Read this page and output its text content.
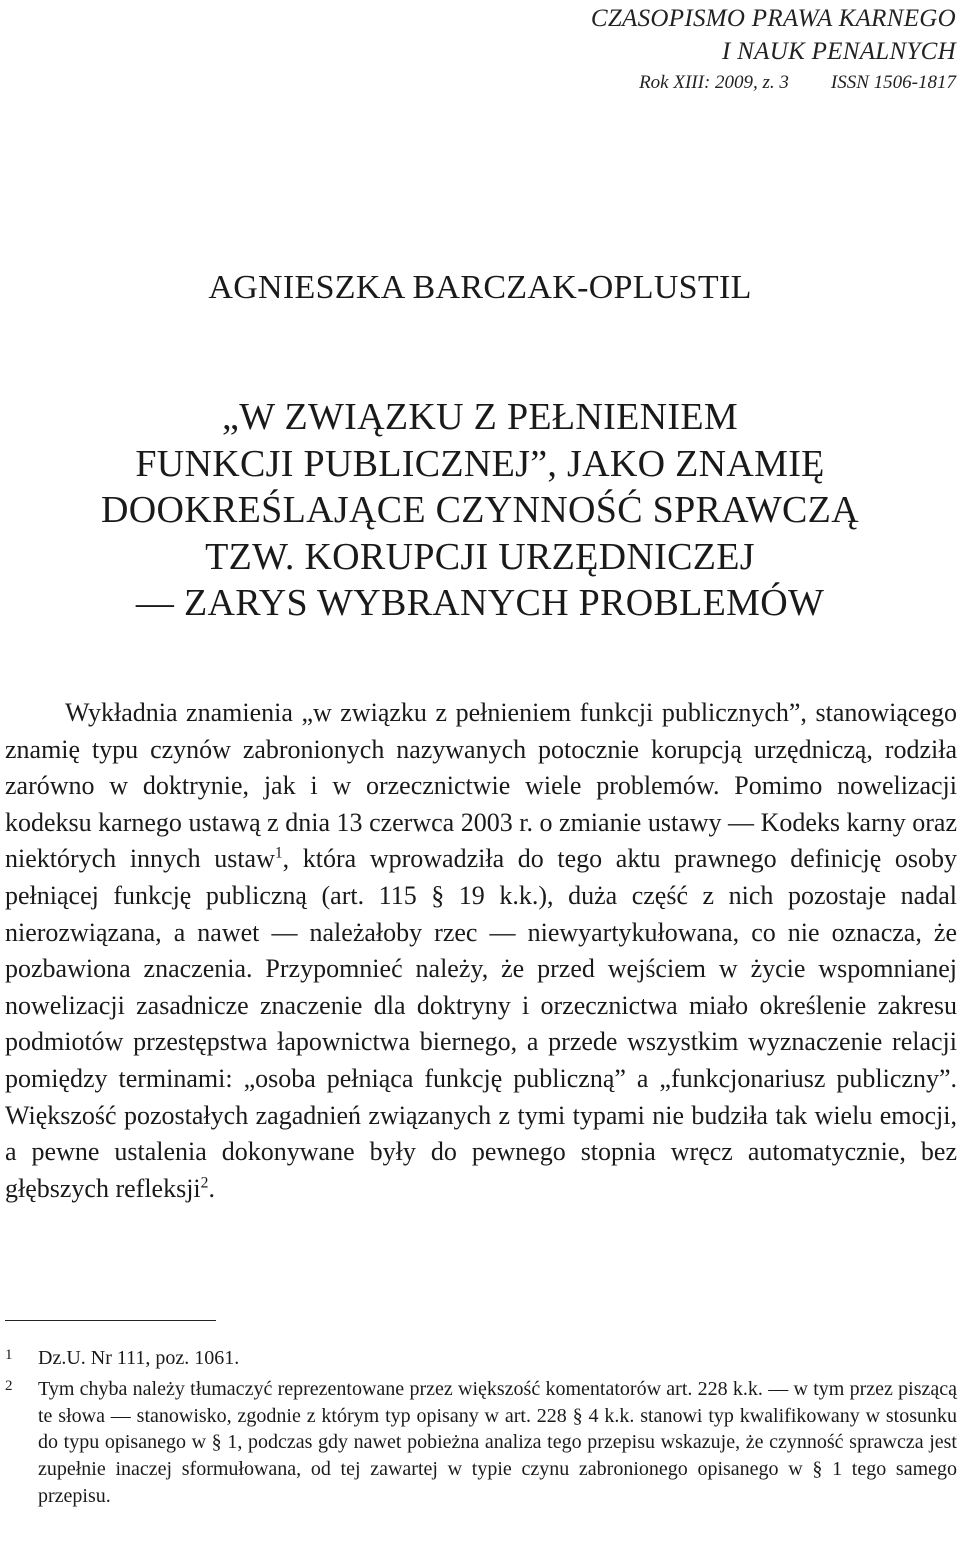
CZASOPISMO PRAWA KARNEGO
I NAUK PENALNYCH
Rok XIII: 2009, z. 3 ISSN 1506-1817
AGNIESZKA BARCZAK-OPLUSTIL
„W ZWIĄZKU Z PEŁNIENIEM
FUNKCJI PUBLICZNEJ”, JAKO ZNAMIĘ
DOOKREŚLAJĄCE CZYNNOŚĆ SPRAWCZĄ
TZW. KORUPCJI URZĘDNICZEJ
— ZARYS WYBRANYCH PROBLEMÓW

Wykładnia znamienia „w związku z pełnieniem funkcji publicznych”, stanowiącego znamię typu czynów zabronionych nazywanych potocznie korupcją urzędniczą, rodziła zarówno w doktrynie, jak i w orzecznictwie wiele problemów. Pomimo nowelizacji kodeksu karnego ustawą z dnia 13 czerwca 2003 r. o zmianie ustawy — Kodeks karny oraz niektórych innych ustaw$^1$, która wprowadziła do tego aktu prawnego definicję osoby pełniącej funkcję publiczną (art. 115 § 19 k.k.), duża część z nich pozostaje nadal nierozwiązana, a nawet — należałoby rzec — niewyartykułowana, co nie oznacza, że pozbawiona znaczenia. Przypomnieć należy, że przed wejściem w życie wspomnianej nowelizacji zasadnicze znaczenie dla doktryny i orzecznictwa miało określenie zakresu podmiotów przestępstwa łapownictwa biernego, a przede wszystkim wyznaczenie relacji pomiędzy terminami: „osoba pełniąca funkcję publiczną” a „funkcjonariusz publiczny”. Większość pozostałych zagadnień związanych z tymi typami nie budziła tak wielu emocji, a pewne ustalenia dokonywane były do pewnego stopnia wręcz automatycznie, bez głębszych refleksji$^2$.

1 Dz.U. Nr 111, poz. 1061.
2 Tym chyba należy tłumaczyć reprezentowane przez większość komentatorów art. 228 k.k. — w tym przez piszącą te słowa — stanowisko, zgodnie z którym typ opisany w art. 228 § 4 k.k. stanowi typ kwalifikowany w stosunku do typu opisanego w § 1, podczas gdy nawet pobieżna analiza tego przepisu wskazuje, że czynność sprawcza jest zupełnie inaczej sformułowana, od tej zawartej w typie czynu zabronionego opisanego w § 1 tego samego przepisu.
